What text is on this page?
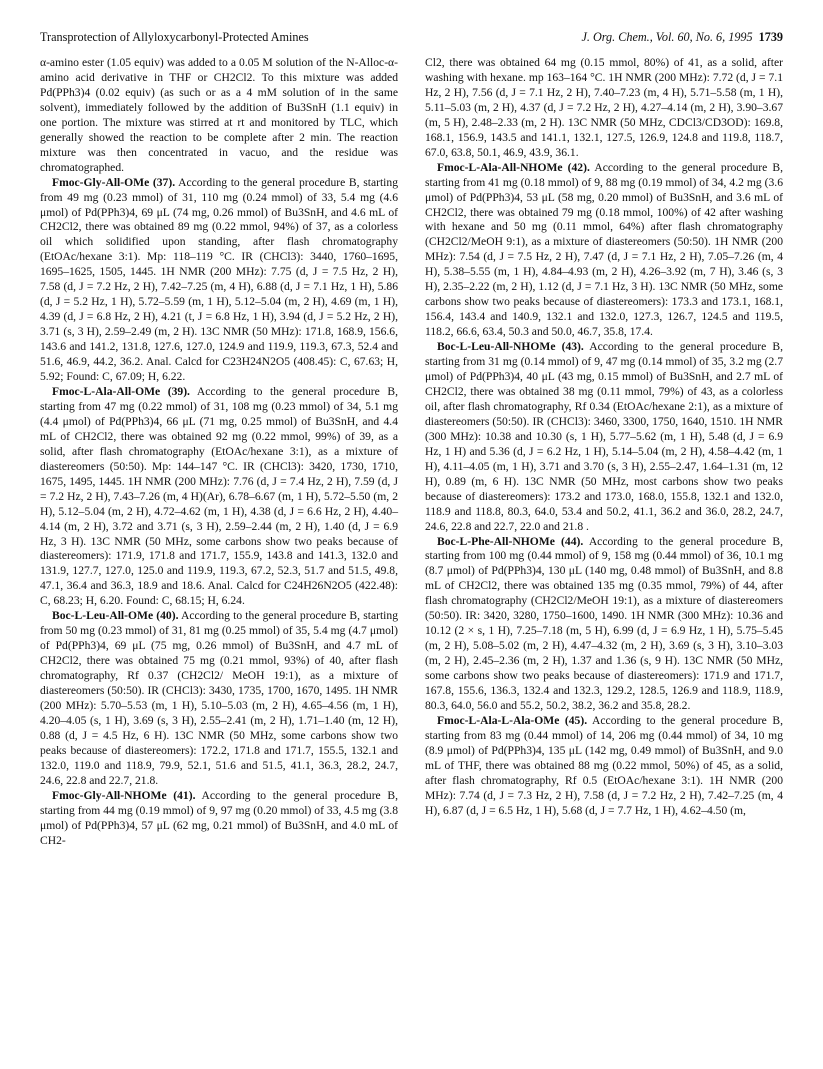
Transprotection of Allyloxycarbonyl-Protected Amines	J. Org. Chem., Vol. 60, No. 6, 1995 1739

α-amino ester (1.05 equiv) was added to a 0.05 M solution of the N-Alloc-α-amino acid derivative in THF or CH2Cl2. To this mixture was added Pd(PPh3)4 (0.02 equiv) (as such or as a 4 mM solution of in the same solvent), immediately followed by the addition of Bu3SnH (1.1 equiv) in one portion. The mixture was stirred at rt and monitored by TLC, which generally showed the reaction to be complete after 2 min. The reaction mixture was then concentrated in vacuo, and the residue was chromatographed.

Fmoc-Gly-All-OMe (37). According to the general procedure B, starting from 49 mg (0.23 mmol) of 31, 110 mg (0.24 mmol) of 33, 5.4 mg (4.6 μmol) of Pd(PPh3)4, 69 μL (74 mg, 0.26 mmol) of Bu3SnH, and 4.6 mL of CH2Cl2, there was obtained 89 mg (0.22 mmol, 94%) of 37, as a colorless oil which solidified upon standing, after flash chromatography (EtOAc/hexane 3:1). Mp: 118–119 °C. IR (CHCl3): 3440, 1760–1695, 1695–1625, 1505, 1445. 1H NMR (200 MHz): 7.75 (d, J = 7.5 Hz, 2 H), 7.58 (d, J = 7.2 Hz, 2 H), 7.42–7.25 (m, 4 H), 6.88 (d, J = 7.1 Hz, 1 H), 5.86 (d, J = 5.2 Hz, 1 H), 5.72–5.59 (m, 1 H), 5.12–5.04 (m, 2 H), 4.69 (m, 1 H), 4.39 (d, J = 6.8 Hz, 2 H), 4.21 (t, J = 6.8 Hz, 1 H), 3.94 (d, J = 5.2 Hz, 2 H), 3.71 (s, 3 H), 2.59–2.49 (m, 2 H). 13C NMR (50 MHz): 171.8, 168.9, 156.6, 143.6 and 141.2, 131.8, 127.6, 127.0, 124.9 and 119.9, 119.3, 67.3, 52.4 and 51.6, 46.9, 44.2, 36.2. Anal. Calcd for C23H24N2O5 (408.45): C, 67.63; H, 5.92; Found: C, 67.09; H, 6.22.

Fmoc-L-Ala-All-OMe (39). According to the general procedure B, starting from 47 mg (0.22 mmol) of 31, 108 mg (0.23 mmol) of 34, 5.1 mg (4.4 μmol) of Pd(PPh3)4, 66 μL (71 mg, 0.25 mmol) of Bu3SnH, and 4.4 mL of CH2Cl2, there was obtained 92 mg (0.22 mmol, 99%) of 39, as a solid, after flash chromatography (EtOAc/hexane 3:1), as a mixture of diastereomers (50:50). Mp: 144–147 °C. IR (CHCl3): 3420, 1730, 1710, 1675, 1495, 1445. 1H NMR (200 MHz): 7.76 (d, J = 7.4 Hz, 2 H), 7.59 (d, J = 7.2 Hz, 2 H), 7.43–7.26 (m, 4 H)(Ar), 6.78–6.67 (m, 1 H), 5.72–5.50 (m, 2 H), 5.12–5.04 (m, 2 H), 4.72–4.62 (m, 1 H), 4.38 (d, J = 6.6 Hz, 2 H), 4.40–4.14 (m, 2 H), 3.72 and 3.71 (s, 3 H), 2.59–2.44 (m, 2 H), 1.40 (d, J = 6.9 Hz, 3 H). 13C NMR (50 MHz, some carbons show two peaks because of diastereomers): 171.9, 171.8 and 171.7, 155.9, 143.8 and 141.3, 132.0 and 131.9, 127.7, 127.0, 125.0 and 119.9, 119.3, 67.2, 52.3, 51.7 and 51.5, 49.8, 47.1, 36.4 and 36.3, 18.9 and 18.6. Anal. Calcd for C24H26N2O5 (422.48): C, 68.23; H, 6.20. Found: C, 68.15; H, 6.24.

Boc-L-Leu-All-OMe (40). According to the general procedure B, starting from 50 mg (0.23 mmol) of 31, 81 mg (0.25 mmol) of 35, 5.4 mg (4.7 μmol) of Pd(PPh3)4, 69 μL (75 mg, 0.26 mmol) of Bu3SnH, and 4.7 mL of CH2Cl2, there was obtained 75 mg (0.21 mmol, 93%) of 40, after flash chromatography, Rf 0.37 (CH2Cl2/ MeOH 19:1), as a mixture of diastereomers (50:50). IR (CHCl3): 3430, 1735, 1700, 1670, 1495. 1H NMR (200 MHz): 5.70–5.53 (m, 1 H), 5.10–5.03 (m, 2 H), 4.65–4.56 (m, 1 H), 4.20–4.05 (s, 1 H), 3.69 (s, 3 H), 2.55–2.41 (m, 2 H), 1.71–1.40 (m, 12 H), 0.88 (d, J = 4.5 Hz, 6 H). 13C NMR (50 MHz, some carbons show two peaks because of diastereomers): 172.2, 171.8 and 171.7, 155.5, 132.1 and 132.0, 119.0 and 118.9, 79.9, 52.1, 51.6 and 51.5, 41.1, 36.3, 28.2, 24.7, 24.6, 22.8 and 22.7, 21.8.

Fmoc-Gly-All-NHOMe (41). According to the general procedure B, starting from 44 mg (0.19 mmol) of 9, 97 mg (0.20 mmol) of 33, 4.5 mg (3.8 μmol) of Pd(PPh3)4, 57 μL (62 mg, 0.21 mmol) of Bu3SnH, and 4.0 mL of CH2-

Cl2, there was obtained 64 mg (0.15 mmol, 80%) of 41, as a solid, after washing with hexane. mp 163–164 °C. 1H NMR (200 MHz): 7.72 (d, J = 7.1 Hz, 2 H), 7.56 (d, J = 7.1 Hz, 2 H), 7.40–7.23 (m, 4 H), 5.71–5.58 (m, 1 H), 5.11–5.03 (m, 2 H), 4.37 (d, J = 7.2 Hz, 2 H), 4.27–4.14 (m, 2 H), 3.90–3.67 (m, 5 H), 2.48–2.33 (m, 2 H). 13C NMR (50 MHz, CDCl3/CD3OD): 169.8, 168.1, 156.9, 143.5 and 141.1, 132.1, 127.5, 126.9, 124.8 and 119.8, 118.7, 67.0, 63.8, 50.1, 46.9, 43.9, 36.1.

Fmoc-L-Ala-All-NHOMe (42). According to the general procedure B, starting from 41 mg (0.18 mmol) of 9, 88 mg (0.19 mmol) of 34, 4.2 mg (3.6 μmol) of Pd(PPh3)4, 53 μL (58 mg, 0.20 mmol) of Bu3SnH, and 3.6 mL of CH2Cl2, there was obtained 79 mg (0.18 mmol, 100%) of 42 after washing with hexane and 50 mg (0.11 mmol, 64%) after flash chromatography (CH2Cl2/MeOH 9:1), as a mixture of diastereomers (50:50). 1H NMR (200 MHz): 7.54 (d, J = 7.5 Hz, 2 H), 7.47 (d, J = 7.1 Hz, 2 H), 7.05–7.26 (m, 4 H), 5.38–5.55 (m, 1 H), 4.84–4.93 (m, 2 H), 4.26–3.92 (m, 7 H), 3.46 (s, 3 H), 2.35–2.22 (m, 2 H), 1.12 (d, J = 7.1 Hz, 3 H). 13C NMR (50 MHz, some carbons show two peaks because of diastereomers): 173.3 and 173.1, 168.1, 156.4, 143.4 and 140.9, 132.1 and 132.0, 127.3, 126.7, 124.5 and 119.5, 118.2, 66.6, 63.4, 50.3 and 50.0, 46.7, 35.8, 17.4.

Boc-L-Leu-All-NHOMe (43). According to the general procedure B, starting from 31 mg (0.14 mmol) of 9, 47 mg (0.14 mmol) of 35, 3.2 mg (2.7 μmol) of Pd(PPh3)4, 40 μL (43 mg, 0.15 mmol) of Bu3SnH, and 2.7 mL of CH2Cl2, there was obtained 38 mg (0.11 mmol, 79%) of 43, as a colorless oil, after flash chromatography, Rf 0.34 (EtOAc/hexane 2:1), as a mixture of diastereomers (50:50). IR (CHCl3): 3460, 3300, 1750, 1640, 1510. 1H NMR (300 MHz): 10.38 and 10.30 (s, 1 H), 5.77–5.62 (m, 1 H), 5.48 (d, J = 6.9 Hz, 1 H) and 5.36 (d, J = 6.2 Hz, 1 H), 5.14–5.04 (m, 2 H), 4.58–4.42 (m, 1 H), 4.11–4.05 (m, 1 H), 3.71 and 3.70 (s, 3 H), 2.55–2.47, 1.64–1.31 (m, 12 H), 0.89 (m, 6 H). 13C NMR (50 MHz, most carbons show two peaks because of diastereomers): 173.2 and 173.0, 168.0, 155.8, 132.1 and 132.0, 118.9 and 118.8, 80.3, 64.0, 53.4 and 50.2, 41.1, 36.2 and 36.0, 28.2, 24.7, 24.6, 22.8 and 22.7, 22.0 and 21.8 .

Boc-L-Phe-All-NHOMe (44). According to the general procedure B, starting from 100 mg (0.44 mmol) of 9, 158 mg (0.44 mmol) of 36, 10.1 mg (8.7 μmol) of Pd(PPh3)4, 130 μL (140 mg, 0.48 mmol) of Bu3SnH, and 8.8 mL of CH2Cl2, there was obtained 135 mg (0.35 mmol, 79%) of 44, after flash chromatography (CH2Cl2/MeOH 19:1), as a mixture of diastereomers (50:50). IR: 3420, 3280, 1750–1600, 1490. 1H NMR (300 MHz): 10.36 and 10.12 (2 × s, 1 H), 7.25–7.18 (m, 5 H), 6.99 (d, J = 6.9 Hz, 1 H), 5.75–5.45 (m, 2 H), 5.08–5.02 (m, 2 H), 4.47–4.32 (m, 2 H), 3.69 (s, 3 H), 3.10–3.03 (m, 2 H), 2.45–2.36 (m, 2 H), 1.37 and 1.36 (s, 9 H). 13C NMR (50 MHz, some carbons show two peaks because of diastereomers): 171.9 and 171.7, 167.8, 155.6, 136.3, 132.4 and 132.3, 129.2, 128.5, 126.9 and 118.9, 118.9, 80.3, 64.0, 56.0 and 55.2, 50.2, 38.2, 36.2 and 35.8, 28.2.

Fmoc-L-Ala-L-Ala-OMe (45). According to the general procedure B, starting from 83 mg (0.44 mmol) of 14, 206 mg (0.44 mmol) of 34, 10 mg (8.9 μmol) of Pd(PPh3)4, 135 μL (142 mg, 0.49 mmol) of Bu3SnH, and 9.0 mL of THF, there was obtained 88 mg (0.22 mmol, 50%) of 45, as a solid, after flash chromatography, Rf 0.5 (EtOAc/hexane 3:1). 1H NMR (200 MHz): 7.74 (d, J = 7.3 Hz, 2 H), 7.58 (d, J = 7.2 Hz, 2 H), 7.42–7.25 (m, 4 H), 6.87 (d, J = 6.5 Hz, 1 H), 5.68 (d, J = 7.7 Hz, 1 H), 4.62–4.50 (m,
